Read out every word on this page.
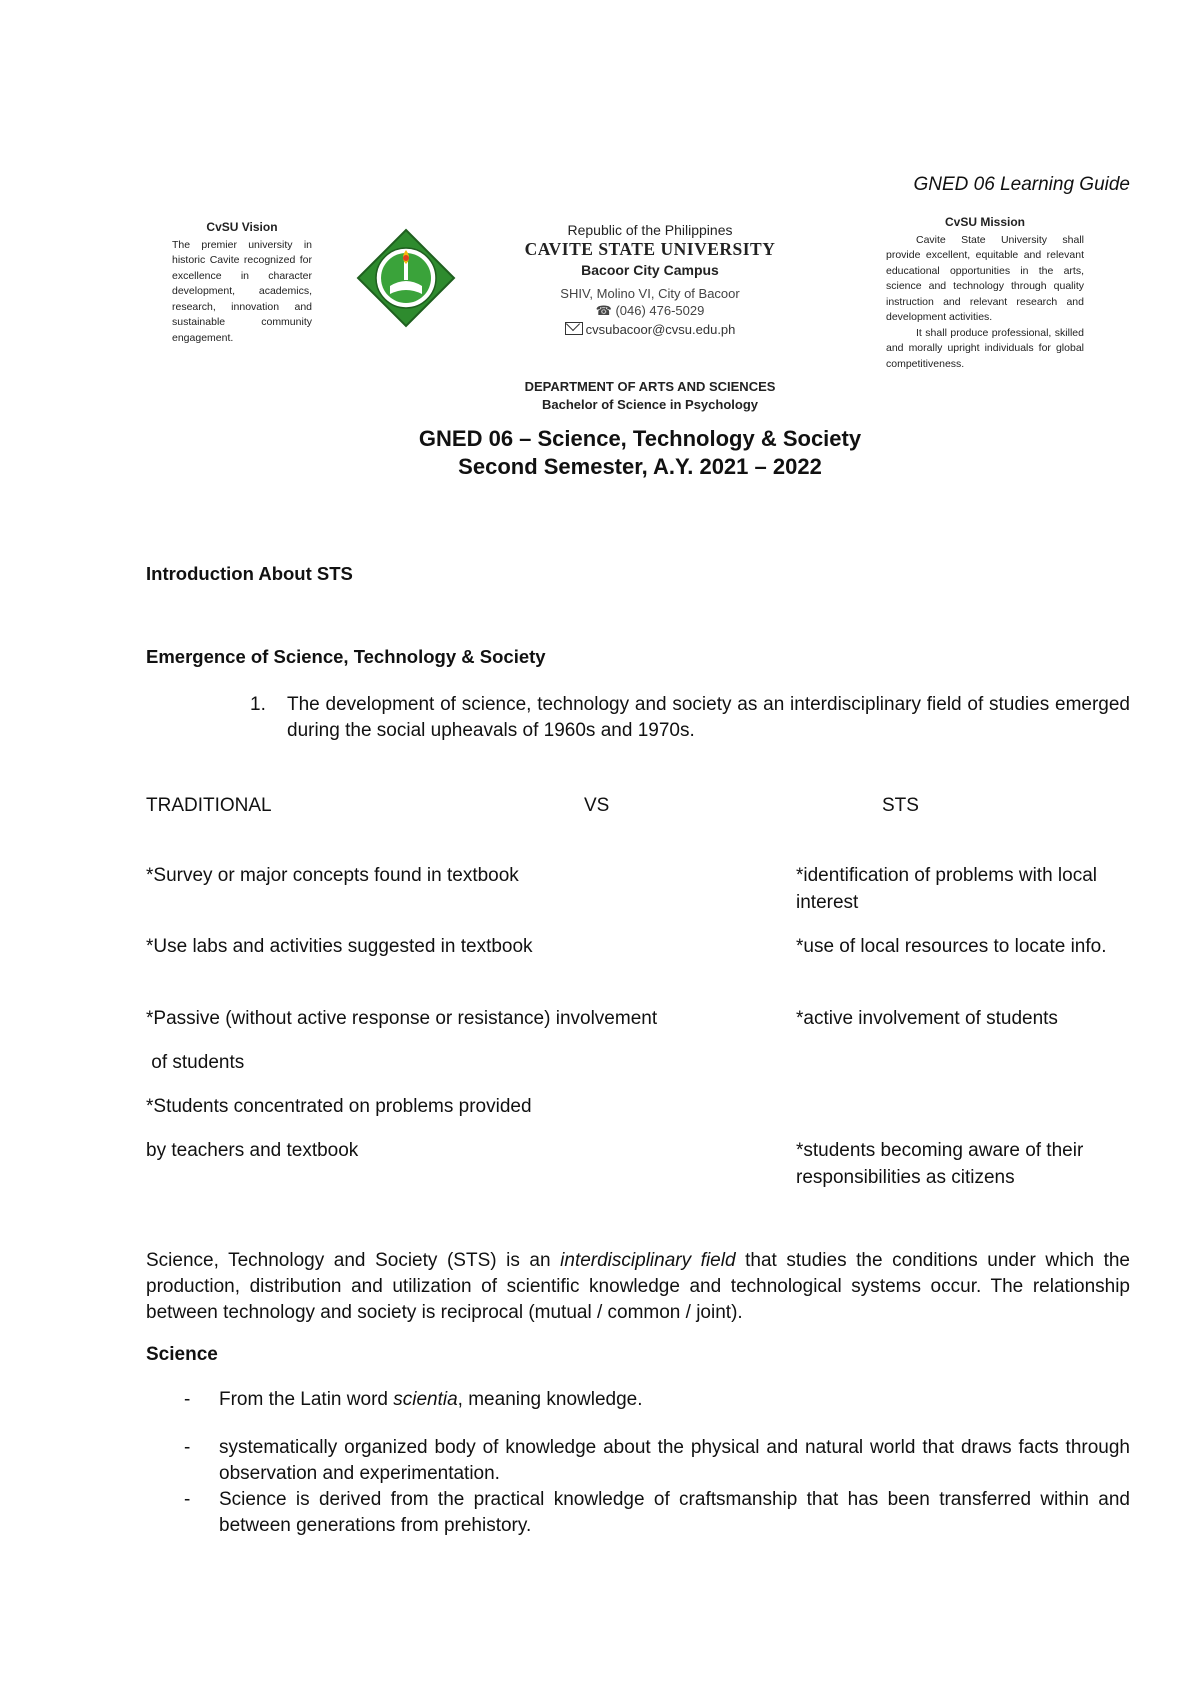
GNED 06 Learning Guide
CvSU Vision
The premier university in historic Cavite recognized for excellence in character development, academics, research, innovation and sustainable community engagement.
Republic of the Philippines
CAVITE STATE UNIVERSITY
Bacoor City Campus
SHIV, Molino VI, City of Bacoor
☎ (046) 476-5029
cvsubacoor@cvsu.edu.ph
CvSU Mission
Cavite State University shall provide excellent, equitable and relevant educational opportunities in the arts, science and technology through quality instruction and relevant research and development activities.
It shall produce professional, skilled and morally upright individuals for global competitiveness.
DEPARTMENT OF ARTS AND SCIENCES
Bachelor of Science in Psychology
GNED 06 – Science, Technology & Society
Second Semester, A.Y. 2021 – 2022
Introduction About STS
Emergence of Science, Technology & Society
1. The development of science, technology and society as an interdisciplinary field of studies emerged during the social upheavals of 1960s and 1970s.
TRADITIONAL	VS	STS
*Survey or major concepts found in textbook
*Use labs and activities suggested in textbook
*Passive (without active response or resistance) involvement
of students
*Students concentrated on problems provided
by teachers and textbook
*identification of problems with local interest
*use of local resources to locate info.
*active involvement of students
*students becoming aware of their responsibilities as citizens
Science, Technology and Society (STS) is an interdisciplinary field that studies the conditions under which the production, distribution and utilization of scientific knowledge and technological systems occur. The relationship between technology and society is reciprocal (mutual / common / joint).
Science
- From the Latin word scientia, meaning knowledge.
- systematically organized body of knowledge about the physical and natural world that draws facts through observation and experimentation.
- Science is derived from the practical knowledge of craftsmanship that has been transferred within and between generations from prehistory.
